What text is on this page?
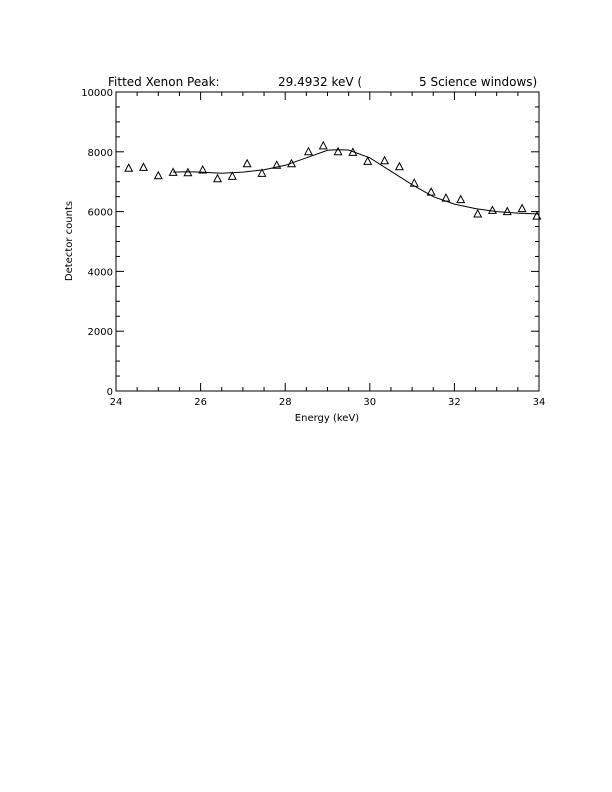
Fitted Xenon Peak:	29.4932 keV (	5 Science windows)
24	26	28	30	32	34
0
2000
4000
6000
8000
10000
Energy (keV)
Detector counts
